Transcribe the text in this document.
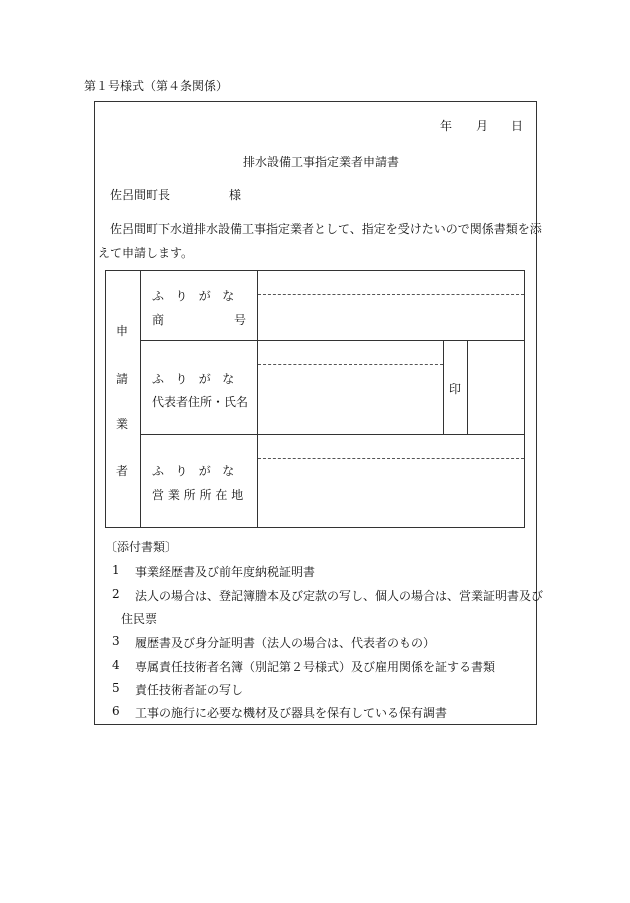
第１号様式（第４条関係）
年 月 日
排水設備工事指定業者申請書
佐呂間町長	様
佐呂間町下水道排水設備工事指定業者として、指定を受けたいので関係書類を添
えて申請します。
申
請
業
者
ふりがな
商	号
ふりがな
代表者住所・氏名
印
ふりがな
営業所所在地
〔添付書類〕
1 事業経歴書及び前年度納税証明書
2 法人の場合は、登記簿謄本及び定款の写し、個人の場合は、営業証明書及び
住民票
3 履歴書及び身分証明書（法人の場合は、代表者のもの）
4 専属責任技術者名簿（別記第２号様式）及び雇用関係を証する書類
5 責任技術者証の写し
6 工事の施行に必要な機材及び器具を保有している保有調書
